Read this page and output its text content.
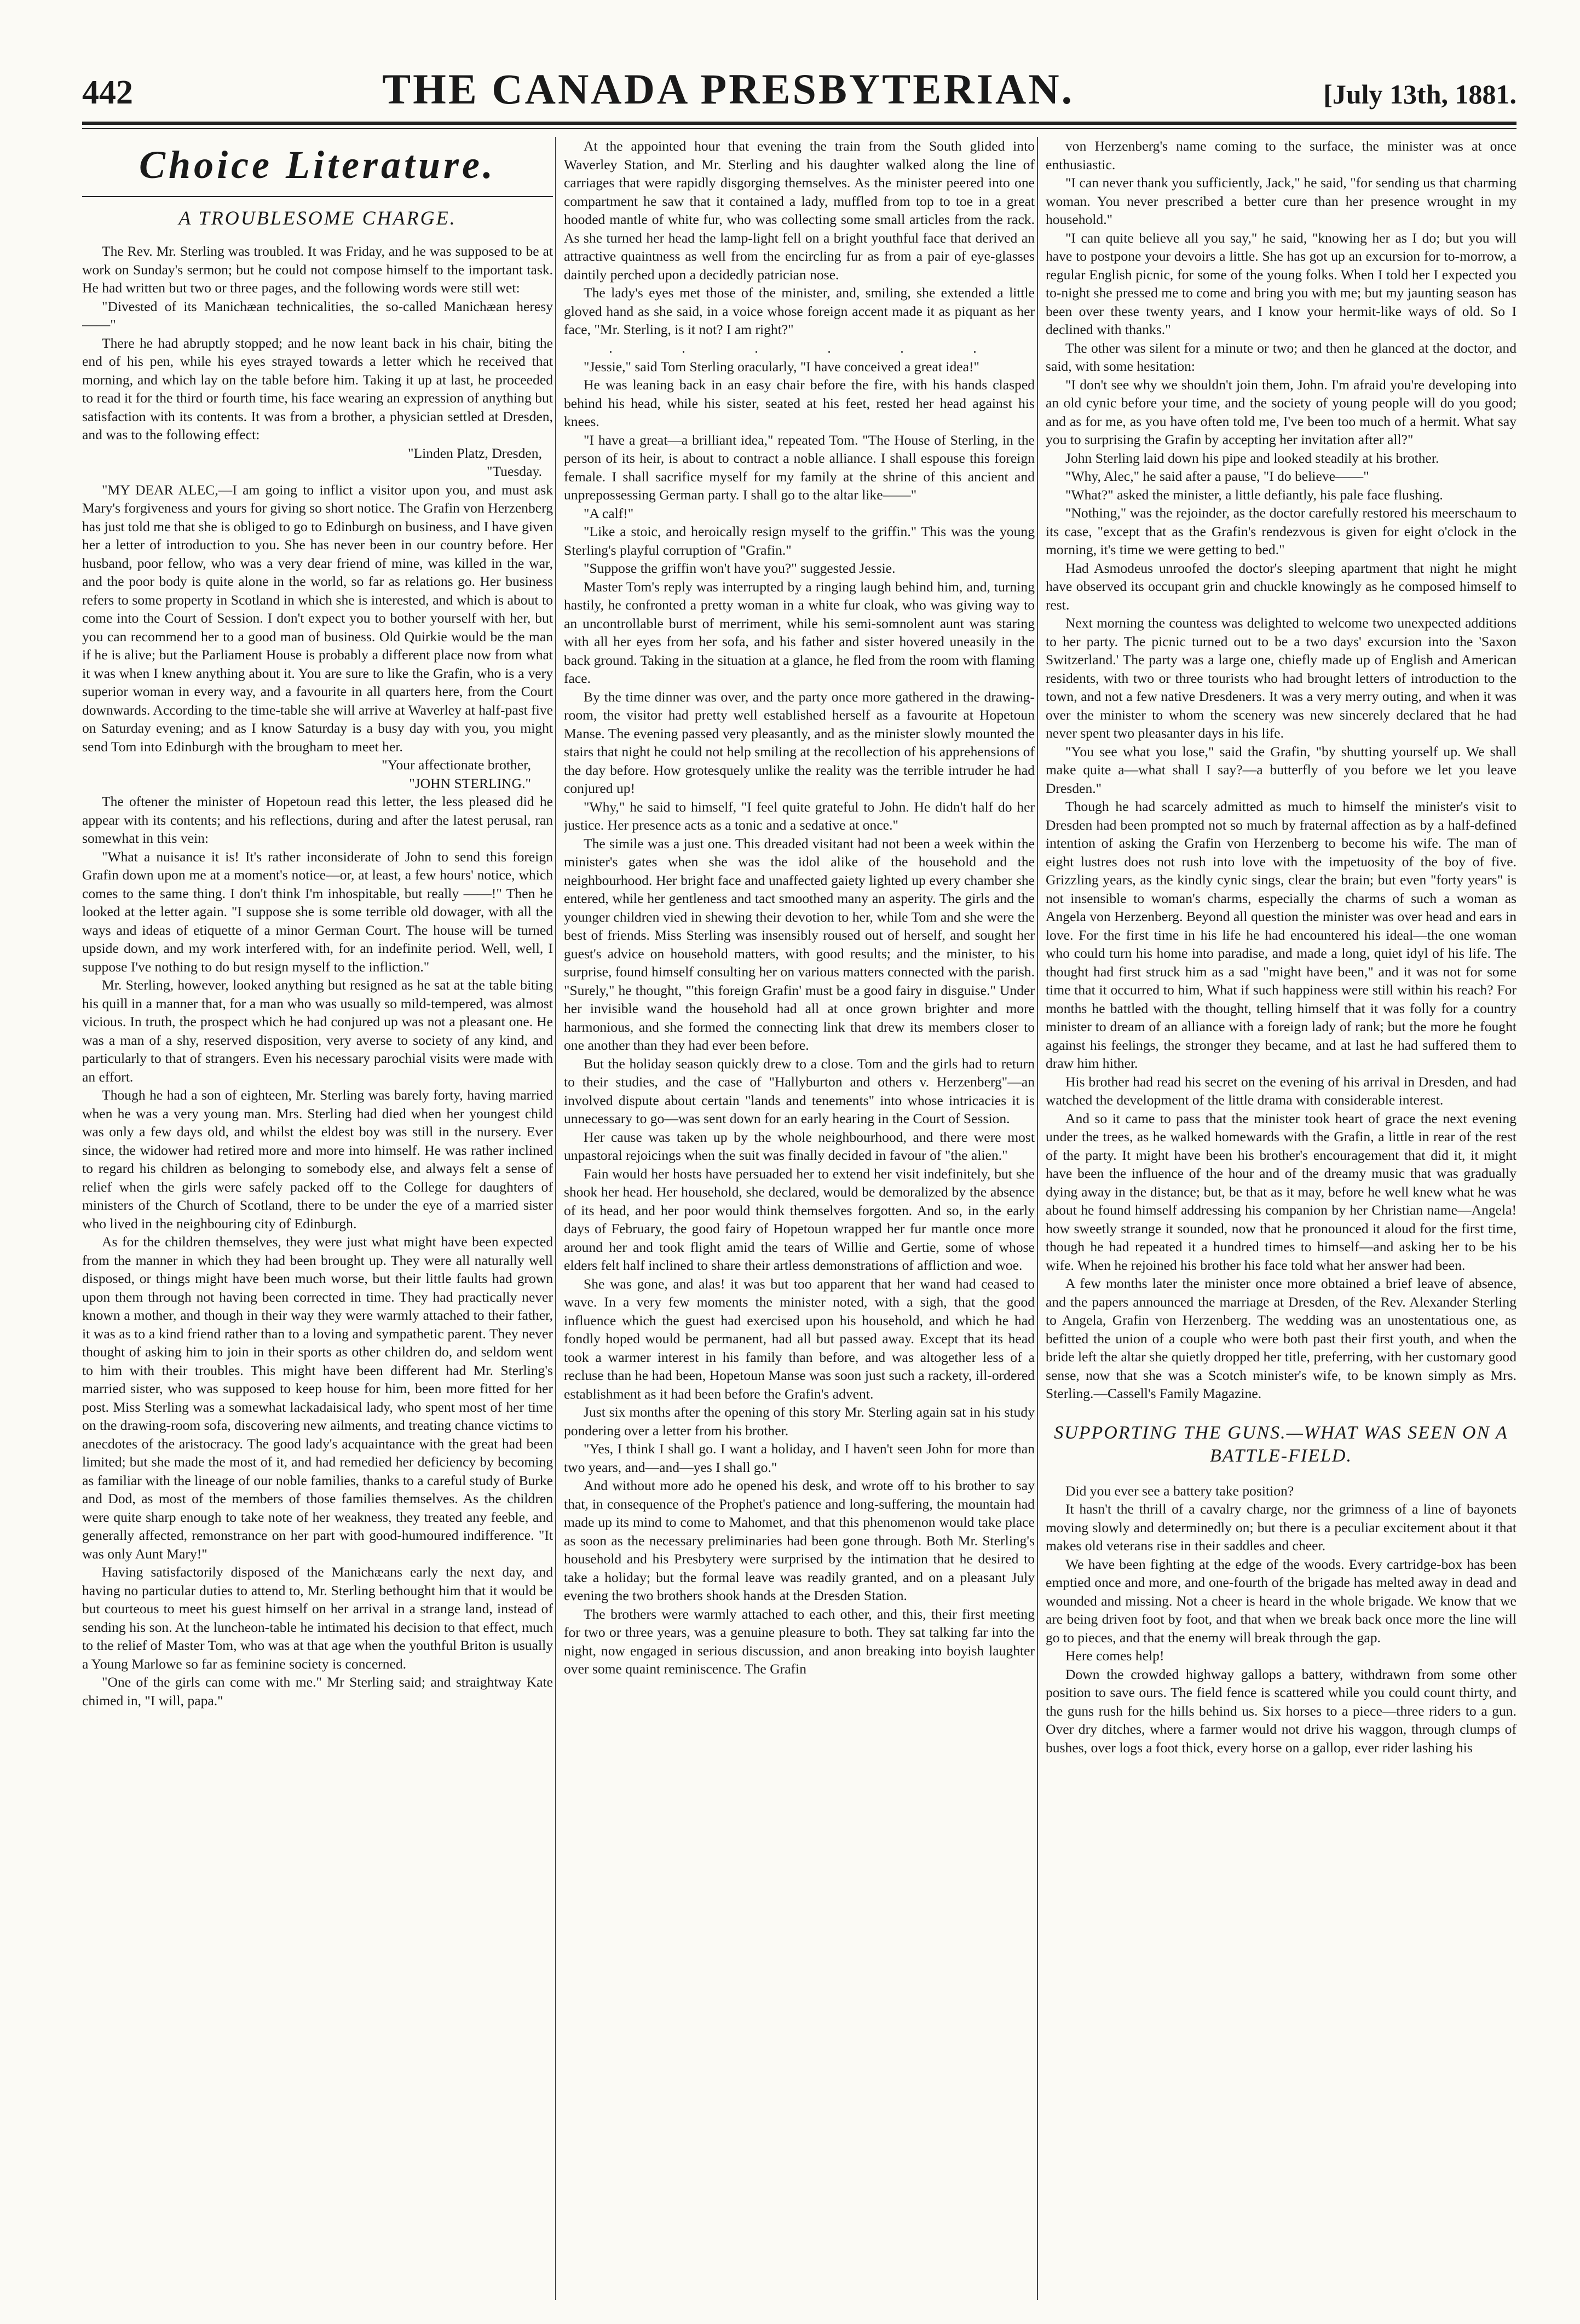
442	THE CANADA PRESBYTERIAN.	[July 13th, 1881.
Choice Literature.
A TROUBLESOME CHARGE.

The Rev. Mr. Sterling was troubled. It was Friday, and he was supposed to be at work on Sunday's sermon; but he could not compose himself to the important task. He had written but two or three pages, and the following words were still wet:

"Divested of its Manichæan technicalities, the so-called Manichæan heresy——"

There he had abruptly stopped; and he now leant back in his chair, biting the end of his pen, while his eyes strayed towards a letter which he received that morning, and which lay on the table before him. Taking it up at last, he proceeded to read it for the third or fourth time, his face wearing an expression of anything but satisfaction with its contents. It was from a brother, a physician settled at Dresden, and was to the following effect:

"Linden Platz, Dresden,

"Tuesday.

"MY DEAR ALEC,—I am going to inflict a visitor upon you, and must ask Mary's forgiveness and yours for giving so short notice. The Grafin von Herzenberg has just told me that she is obliged to go to Edinburgh on business, and I have given her a letter of introduction to you. She has never been in our country before. Her husband, poor fellow, who was a very dear friend of mine, was killed in the war, and the poor body is quite alone in the world, so far as relations go. Her business refers to some property in Scotland in which she is interested, and which is about to come into the Court of Session. I don't expect you to bother yourself with her, but you can recommend her to a good man of business. Old Quirkie would be the man if he is alive; but the Parliament House is probably a different place now from what it was when I knew anything about it. You are sure to like the Grafin, who is a very superior woman in every way, and a favourite in all quarters here, from the Court downwards. According to the time-table she will arrive at Waverley at half-past five on Saturday evening; and as I know Saturday is a busy day with you, you might send Tom into Edinburgh with the brougham to meet her.

"Your affectionate brother,

"JOHN STERLING."

The oftener the minister of Hopetoun read this letter, the less pleased did he appear with its contents; and his reflections, during and after the latest perusal, ran somewhat in this vein:

"What a nuisance it is! It's rather inconsiderate of John to send this foreign Grafin down upon me at a moment's notice—or, at least, a few hours' notice, which comes to the same thing. I don't think I'm inhospitable, but really ——!" Then he looked at the letter again. "I suppose she is some terrible old dowager, with all the ways and ideas of etiquette of a minor German Court. The house will be turned upside down, and my work interfered with, for an indefinite period. Well, well, I suppose I've nothing to do but resign myself to the infliction."

Mr. Sterling, however, looked anything but resigned as he sat at the table biting his quill in a manner that, for a man who was usually so mild-tempered, was almost vicious. In truth, the prospect which he had conjured up was not a pleasant one. He was a man of a shy, reserved disposition, very averse to society of any kind, and particularly to that of strangers. Even his necessary parochial visits were made with an effort.

Though he had a son of eighteen, Mr. Sterling was barely forty, having married when he was a very young man. Mrs. Sterling had died when her youngest child was only a few days old, and whilst the eldest boy was still in the nursery. Ever since, the widower had retired more and more into himself. He was rather inclined to regard his children as belonging to somebody else, and always felt a sense of relief when the girls were safely packed off to the College for daughters of ministers of the Church of Scotland, there to be under the eye of a married sister who lived in the neighbouring city of Edinburgh.

As for the children themselves, they were just what might have been expected from the manner in which they had been brought up. They were all naturally well disposed, or things might have been much worse, but their little faults had grown upon them through not having been corrected in time. They had practically never known a mother, and though in their way they were warmly attached to their father, it was as to a kind friend rather than to a loving and sympathetic parent. They never thought of asking him to join in their sports as other children do, and seldom went to him with their troubles. This might have been different had Mr. Sterling's married sister, who was supposed to keep house for him, been more fitted for her post. Miss Sterling was a somewhat lackadaisical lady, who spent most of her time on the drawing-room sofa, discovering new ailments, and treating chance victims to anecdotes of the aristocracy. The good lady's acquaintance with the great had been limited; but she made the most of it, and had remedied her deficiency by becoming as familiar with the lineage of our noble families, thanks to a careful study of Burke and Dod, as most of the members of those families themselves. As the children were quite sharp enough to take note of her weakness, they treated any feeble, and generally affected, remonstrance on her part with good-humoured indifference. "It was only Aunt Mary!"

Having satisfactorily disposed of the Manichæans early the next day, and having no particular duties to attend to, Mr. Sterling bethought him that it would be but courteous to meet his guest himself on her arrival in a strange land, instead of sending his son. At the luncheon-table he intimated his decision to that effect, much to the relief of Master Tom, who was at that age when the youthful Briton is usually a Young Marlowe so far as feminine society is concerned.

"One of the girls can come with me." Mr Sterling said; and straightway Kate chimed in, "I will, papa."

At the appointed hour that evening the train from the South glided into Waverley Station, and Mr. Sterling and his daughter walked along the line of carriages that were rapidly disgorging themselves. As the minister peered into one compartment he saw that it contained a lady, muffled from top to toe in a great hooded mantle of white fur, who was collecting some small articles from the rack. As she turned her head the lamp-light fell on a bright youthful face that derived an attractive quaintness as well from the encircling fur as from a pair of eye-glasses daintily perched upon a decidedly patrician nose.

The lady's eyes met those of the minister, and, smiling, she extended a little gloved hand as she said, in a voice whose foreign accent made it as piquant as her face, "Mr. Sterling, is it not? I am right?"

. . . . . .

"Jessie," said Tom Sterling oracularly, "I have conceived a great idea!"

He was leaning back in an easy chair before the fire, with his hands clasped behind his head, while his sister, seated at his feet, rested her head against his knees.

"I have a great—a brilliant idea," repeated Tom. "The House of Sterling, in the person of its heir, is about to contract a noble alliance. I shall espouse this foreign female. I shall sacrifice myself for my family at the shrine of this ancient and unprepossessing German party. I shall go to the altar like——"

"A calf!"

"Like a stoic, and heroically resign myself to the griffin." This was the young Sterling's playful corruption of "Grafin."

"Suppose the griffin won't have you?" suggested Jessie.

Master Tom's reply was interrupted by a ringing laugh behind him, and, turning hastily, he confronted a pretty woman in a white fur cloak, who was giving way to an uncontrollable burst of merriment, while his semi-somnolent aunt was staring with all her eyes from her sofa, and his father and sister hovered uneasily in the back ground. Taking in the situation at a glance, he fled from the room with flaming face.

By the time dinner was over, and the party once more gathered in the drawing-room, the visitor had pretty well established herself as a favourite at Hopetoun Manse. The evening passed very pleasantly, and as the minister slowly mounted the stairs that night he could not help smiling at the recollection of his apprehensions of the day before. How grotesquely unlike the reality was the terrible intruder he had conjured up!

"Why," he said to himself, "I feel quite grateful to John. He didn't half do her justice. Her presence acts as a tonic and a sedative at once."

The simile was a just one. This dreaded visitant had not been a week within the minister's gates when she was the idol alike of the household and the neighbourhood. Her bright face and unaffected gaiety lighted up every chamber she entered, while her gentleness and tact smoothed many an asperity. The girls and the younger children vied in shewing their devotion to her, while Tom and she were the best of friends. Miss Sterling was insensibly roused out of herself, and sought her guest's advice on household matters, with good results; and the minister, to his surprise, found himself consulting her on various matters connected with the parish. "Surely," he thought, "'this foreign Grafin' must be a good fairy in disguise." Under her invisible wand the household had all at once grown brighter and more harmonious, and she formed the connecting link that drew its members closer to one another than they had ever been before.

But the holiday season quickly drew to a close. Tom and the girls had to return to their studies, and the case of "Hallyburton and others v. Herzenberg"—an involved dispute about certain "lands and tenements" into whose intricacies it is unnecessary to go—was sent down for an early hearing in the Court of Session.

Her cause was taken up by the whole neighbourhood, and there were most unpastoral rejoicings when the suit was finally decided in favour of "the alien."

Fain would her hosts have persuaded her to extend her visit indefinitely, but she shook her head. Her household, she declared, would be demoralized by the absence of its head, and her poor would think themselves forgotten. And so, in the early days of February, the good fairy of Hopetoun wrapped her fur mantle once more around her and took flight amid the tears of Willie and Gertie, some of whose elders felt half inclined to share their artless demonstrations of affliction and woe.

She was gone, and alas! it was but too apparent that her wand had ceased to wave. In a very few moments the minister noted, with a sigh, that the good influence which the guest had exercised upon his household, and which he had fondly hoped would be permanent, had all but passed away. Except that its head took a warmer interest in his family than before, and was altogether less of a recluse than he had been, Hopetoun Manse was soon just such a rackety, ill-ordered establishment as it had been before the Grafin's advent.

Just six months after the opening of this story Mr. Sterling again sat in his study pondering over a letter from his brother.

"Yes, I think I shall go. I want a holiday, and I haven't seen John for more than two years, and—and—yes I shall go."

And without more ado he opened his desk, and wrote off to his brother to say that, in consequence of the Prophet's patience and long-suffering, the mountain had made up its mind to come to Mahomet, and that this phenomenon would take place as soon as the necessary preliminaries had been gone through. Both Mr. Sterling's household and his Presbytery were surprised by the intimation that he desired to take a holiday; but the formal leave was readily granted, and on a pleasant July evening the two brothers shook hands at the Dresden Station.

The brothers were warmly attached to each other, and this, their first meeting for two or three years, was a genuine pleasure to both. They sat talking far into the night, now engaged in serious discussion, and anon breaking into boyish laughter over some quaint reminiscence. The Grafin

von Herzenberg's name coming to the surface, the minister was at once enthusiastic.

"I can never thank you sufficiently, Jack," he said, "for sending us that charming woman. You never prescribed a better cure than her presence wrought in my household."

"I can quite believe all you say," he said, "knowing her as I do; but you will have to postpone your devoirs a little. She has got up an excursion for to-morrow, a regular English picnic, for some of the young folks. When I told her I expected you to-night she pressed me to come and bring you with me; but my jaunting season has been over these twenty years, and I know your hermit-like ways of old. So I declined with thanks."

The other was silent for a minute or two; and then he glanced at the doctor, and said, with some hesitation:

"I don't see why we shouldn't join them, John. I'm afraid you're developing into an old cynic before your time, and the society of young people will do you good; and as for me, as you have often told me, I've been too much of a hermit. What say you to surprising the Grafin by accepting her invitation after all?"

John Sterling laid down his pipe and looked steadily at his brother.

"Why, Alec," he said after a pause, "I do believe——"

"What?" asked the minister, a little defiantly, his pale face flushing.

"Nothing," was the rejoinder, as the doctor carefully restored his meerschaum to its case, "except that as the Grafin's rendezvous is given for eight o'clock in the morning, it's time we were getting to bed."

Had Asmodeus unroofed the doctor's sleeping apartment that night he might have observed its occupant grin and chuckle knowingly as he composed himself to rest.

Next morning the countess was delighted to welcome two unexpected additions to her party. The picnic turned out to be a two days' excursion into the 'Saxon Switzerland.' The party was a large one, chiefly made up of English and American residents, with two or three tourists who had brought letters of introduction to the town, and not a few native Dresdeners. It was a very merry outing, and when it was over the minister to whom the scenery was new sincerely declared that he had never spent two pleasanter days in his life.

"You see what you lose," said the Grafin, "by shutting yourself up. We shall make quite a—what shall I say?—a butterfly of you before we let you leave Dresden."

Though he had scarcely admitted as much to himself the minister's visit to Dresden had been prompted not so much by fraternal affection as by a half-defined intention of asking the Grafin von Herzenberg to become his wife. The man of eight lustres does not rush into love with the impetuosity of the boy of five. Grizzling years, as the kindly cynic sings, clear the brain; but even "forty years" is not insensible to woman's charms, especially the charms of such a woman as Angela von Herzenberg. Beyond all question the minister was over head and ears in love. For the first time in his life he had encountered his ideal—the one woman who could turn his home into paradise, and made a long, quiet idyl of his life. The thought had first struck him as a sad "might have been," and it was not for some time that it occurred to him, What if such happiness were still within his reach? For months he battled with the thought, telling himself that it was folly for a country minister to dream of an alliance with a foreign lady of rank; but the more he fought against his feelings, the stronger they became, and at last he had suffered them to draw him hither.

His brother had read his secret on the evening of his arrival in Dresden, and had watched the development of the little drama with considerable interest.

And so it came to pass that the minister took heart of grace the next evening under the trees, as he walked homewards with the Grafin, a little in rear of the rest of the party. It might have been his brother's encouragement that did it, it might have been the influence of the hour and of the dreamy music that was gradually dying away in the distance; but, be that as it may, before he well knew what he was about he found himself addressing his companion by her Christian name—Angela! how sweetly strange it sounded, now that he pronounced it aloud for the first time, though he had repeated it a hundred times to himself—and asking her to be his wife. When he rejoined his brother his face told what her answer had been.

A few months later the minister once more obtained a brief leave of absence, and the papers announced the marriage at Dresden, of the Rev. Alexander Sterling to Angela, Grafin von Herzenberg. The wedding was an unostentatious one, as befitted the union of a couple who were both past their first youth, and when the bride left the altar she quietly dropped her title, preferring, with her customary good sense, now that she was a Scotch minister's wife, to be known simply as Mrs. Sterling.—Cassell's Family Magazine.

SUPPORTING THE GUNS.—WHAT WAS SEEN ON A BATTLE-FIELD.

Did you ever see a battery take position?

It hasn't the thrill of a cavalry charge, nor the grimness of a line of bayonets moving slowly and determinedly on; but there is a peculiar excitement about it that makes old veterans rise in their saddles and cheer.

We have been fighting at the edge of the woods. Every cartridge-box has been emptied once and more, and one-fourth of the brigade has melted away in dead and wounded and missing. Not a cheer is heard in the whole brigade. We know that we are being driven foot by foot, and that when we break back once more the line will go to pieces, and that the enemy will break through the gap.

Here comes help!

Down the crowded highway gallops a battery, withdrawn from some other position to save ours. The field fence is scattered while you could count thirty, and the guns rush for the hills behind us. Six horses to a piece—three riders to a gun. Over dry ditches, where a farmer would not drive his waggon, through clumps of bushes, over logs a foot thick, every horse on a gallop, ever rider lashing his
